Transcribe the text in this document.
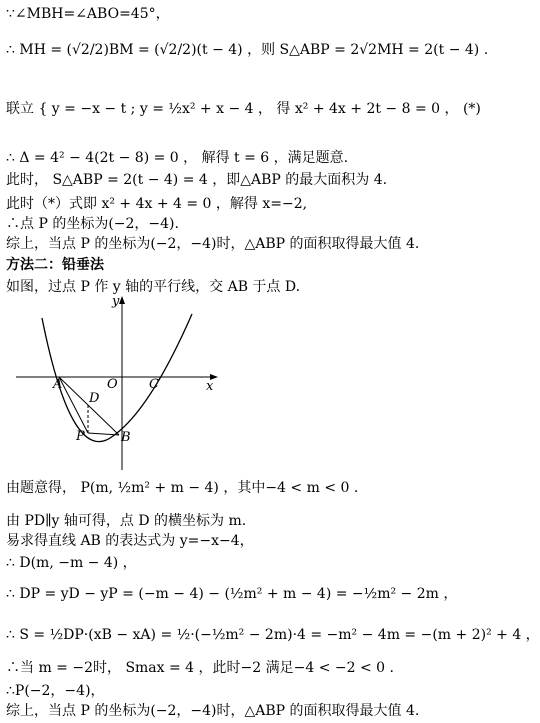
∵∠MBH=∠ABO=45°，
∴ MH = (√2/2)BM = (√2/2)(t − 4) ，则 S△ABP = 2√2MH = 2(t − 4) .
联立 { y = −x − t ; y = ½x² + x − 4 ， 得 x² + 4x + 2t − 8 = 0 ， (*)
∴ Δ = 4² − 4(2t − 8) = 0 ， 解得 t = 6 ，满足题意.
此时， S△ABP = 2(t − 4) = 4 ，即△ABP 的最大面积为 4.
此时（*）式即 x² + 4x + 4 = 0 ，解得 x=−2,
∴点 P 的坐标为(−2，−4).
综上，当点 P 的坐标为(−2，−4)时，△ABP 的面积取得最大值 4.
方法二：铅垂法
如图，过点 P 作 y 轴的平行线，交 AB 于点 D.
由题意得， P(m, ½m² + m − 4) ，其中−4 < m < 0 .
由 PD∥y 轴可得，点 D 的横坐标为 m.
易求得直线 AB 的表达式为 y=−x−4，
∴ D(m, −m − 4) ，
∴ DP = yD − yP = (−m − 4) − (½m² + m − 4) = −½m² − 2m ，
∴ S = ½DP·(xB − xA) = ½·(−½m² − 2m)·4 = −m² − 4m = −(m + 2)² + 4 ，
∴当 m = −2时， Smax = 4 ，此时−2 满足−4 < −2 < 0 .
∴P(−2，−4)，
综上，当点 P 的坐标为(−2，−4)时，△ABP 的面积取得最大值 4.
A	O C	x
y
D
P	B
